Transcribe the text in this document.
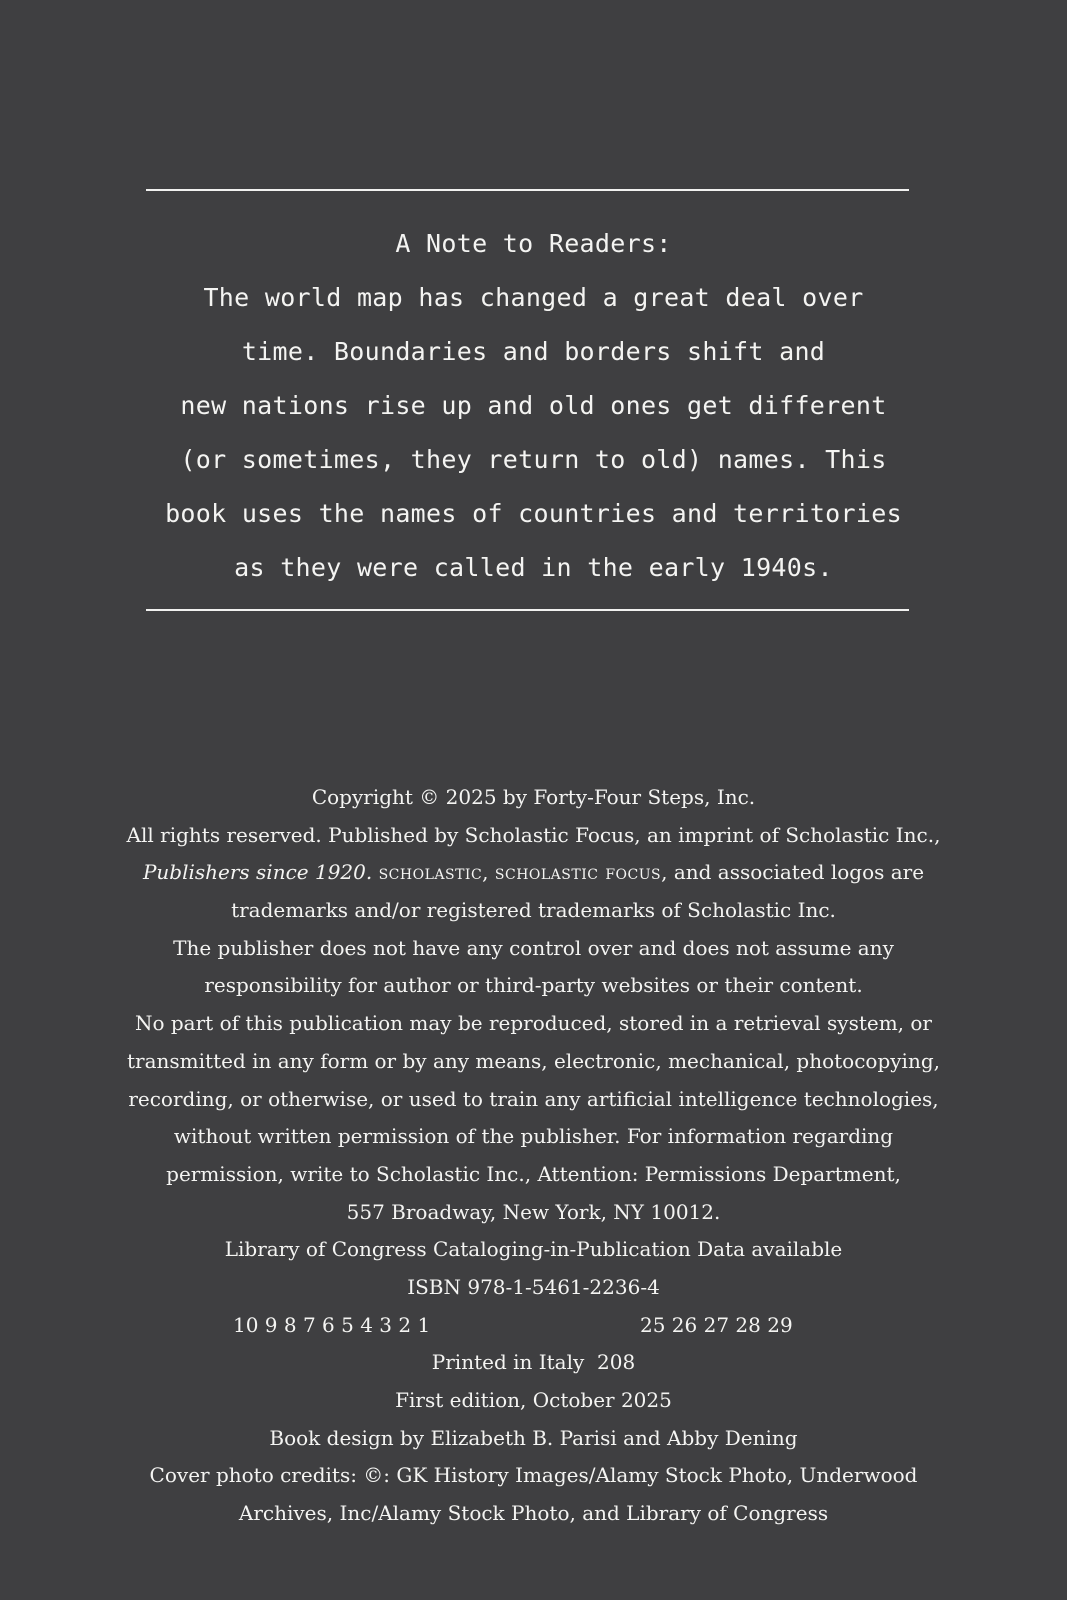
A Note to Readers:
The world map has changed a great deal over
time. Boundaries and borders shift and
new nations rise up and old ones get different
(or sometimes, they return to old) names. This
book uses the names of countries and territories
as they were called in the early 1940s.
Copyright © 2025 by Forty-Four Steps, Inc.
All rights reserved. Published by Scholastic Focus, an imprint of Scholastic Inc.,
Publishers since 1920. scholastic, scholastic focus, and associated logos are
trademarks and/or registered trademarks of Scholastic Inc.
The publisher does not have any control over and does not assume any
responsibility for author or third-party websites or their content.
No part of this publication may be reproduced, stored in a retrieval system, or
transmitted in any form or by any means, electronic, mechanical, photocopying,
recording, or otherwise, or used to train any artificial intelligence technologies,
without written permission of the publisher. For information regarding
permission, write to Scholastic Inc., Attention: Permissions Department,
557 Broadway, New York, NY 10012.
Library of Congress Cataloging-in-Publication Data available
ISBN 978-1-5461-2236-4
10 9 8 7 6 5 4 3 2 1	25 26 27 28 29
Printed in Italy  208
First edition, October 2025
Book design by Elizabeth B. Parisi and Abby Dening
Cover photo credits: ©: GK History Images/Alamy Stock Photo, Underwood
Archives, Inc/Alamy Stock Photo, and Library of Congress
